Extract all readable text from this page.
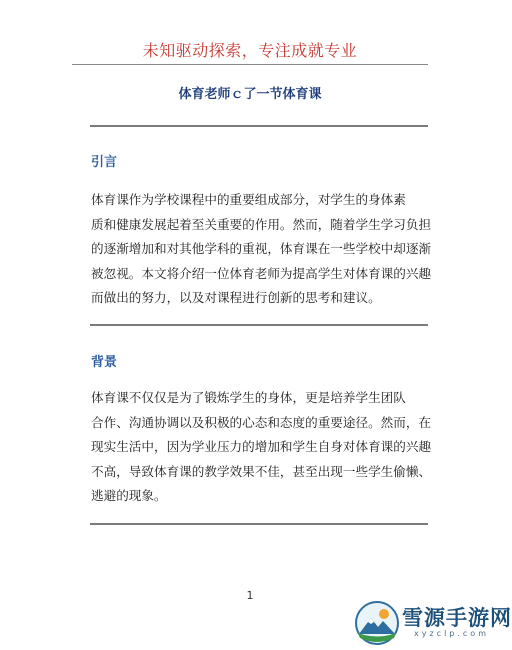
未知驱动探索，专注成就专业
体育老师ｃ了一节体育课
引言
体育课作为学校课程中的重要组成部分，对学生的身体素
质和健康发展起着至关重要的作用。然而，随着学生学习负担
的逐渐增加和对其他学科的重视，体育课在一些学校中却逐渐
被忽视。本文将介绍一位体育老师为提高学生对体育课的兴趣
而做出的努力，以及对课程进行创新的思考和建议。
背景
体育课不仅仅是为了锻炼学生的身体，更是培养学生团队
合作、沟通协调以及积极的心态和态度的重要途径。然而，在
现实生活中，因为学业压力的增加和学生自身对体育课的兴趣
不高，导致体育课的教学效果不佳，甚至出现一些学生偷懒、
逃避的现象。
1
雪源手游网
xyzclp.com
